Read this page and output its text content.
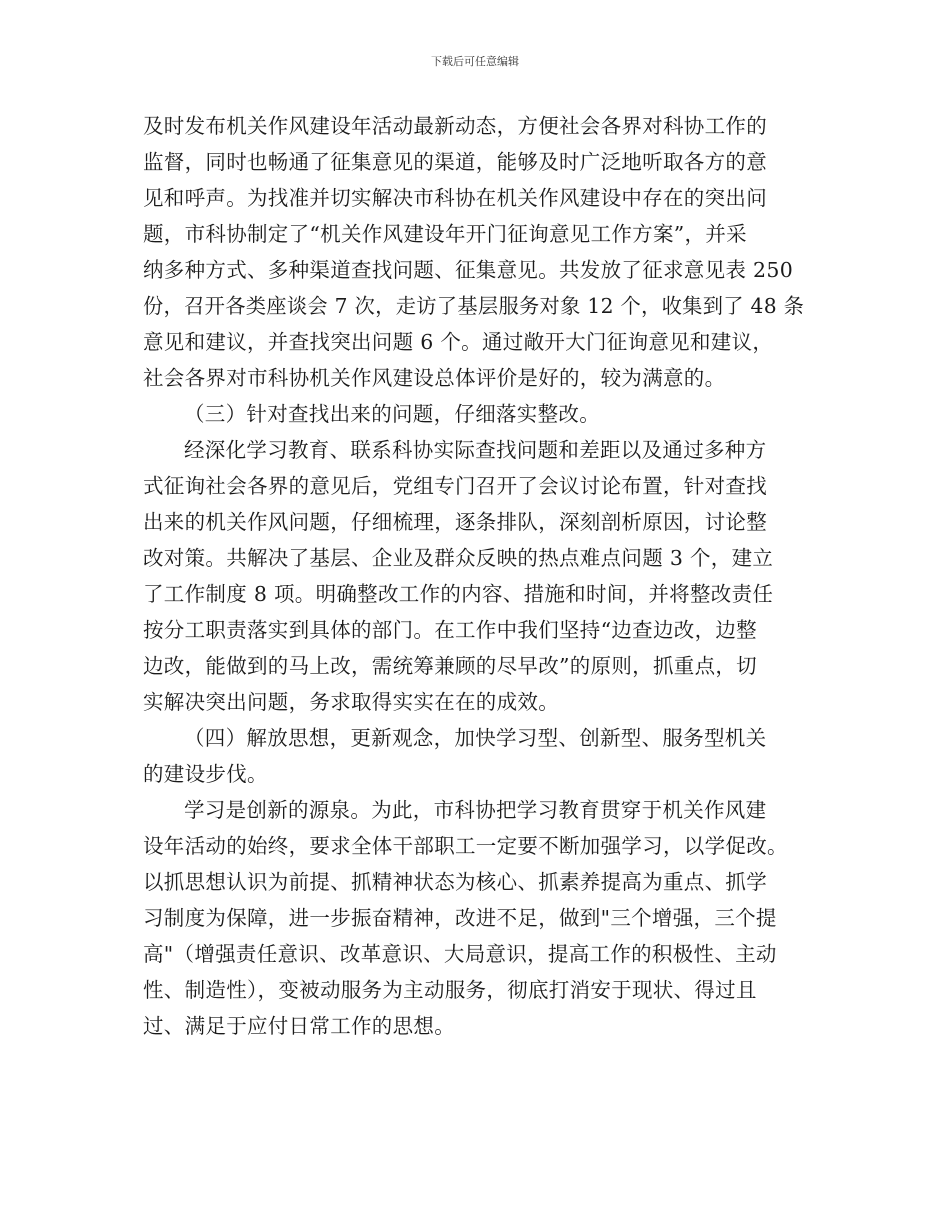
下载后可任意编辑
及时发布机关作风建设年活动最新动态，方便社会各界对科协工作的
监督，同时也畅通了征集意见的渠道，能够及时广泛地听取各方的意
见和呼声。为找准并切实解决市科协在机关作风建设中存在的突出问
题，市科协制定了“机关作风建设年开门征询意见工作方案”，并采
纳多种方式、多种渠道查找问题、征集意见。共发放了征求意见表 250
份，召开各类座谈会 7 次，走访了基层服务对象 12 个，收集到了 48 条
意见和建议，并查找突出问题 6 个。通过敞开大门征询意见和建议，
社会各界对市科协机关作风建设总体评价是好的，较为满意的。
（三）针对查找出来的问题，仔细落实整改。
经深化学习教育、联系科协实际查找问题和差距以及通过多种方
式征询社会各界的意见后，党组专门召开了会议讨论布置，针对查找
出来的机关作风问题，仔细梳理，逐条排队，深刻剖析原因，讨论整
改对策。共解决了基层、企业及群众反映的热点难点问题 3 个，建立
了工作制度 8 项。明确整改工作的内容、措施和时间，并将整改责任
按分工职责落实到具体的部门。在工作中我们坚持“边查边改，边整
边改，能做到的马上改，需统筹兼顾的尽早改”的原则，抓重点，切
实解决突出问题，务求取得实实在在的成效。
（四）解放思想，更新观念，加快学习型、创新型、服务型机关
的建设步伐。
学习是创新的源泉。为此，市科协把学习教育贯穿于机关作风建
设年活动的始终，要求全体干部职工一定要不断加强学习，以学促改。
以抓思想认识为前提、抓精神状态为核心、抓素养提高为重点、抓学
习制度为保障，进一步振奋精神，改进不足，做到"三个增强，三个提
高"（增强责任意识、改革意识、大局意识，提高工作的积极性、主动
性、制造性），变被动服务为主动服务，彻底打消安于现状、得过且
过、满足于应付日常工作的思想。
